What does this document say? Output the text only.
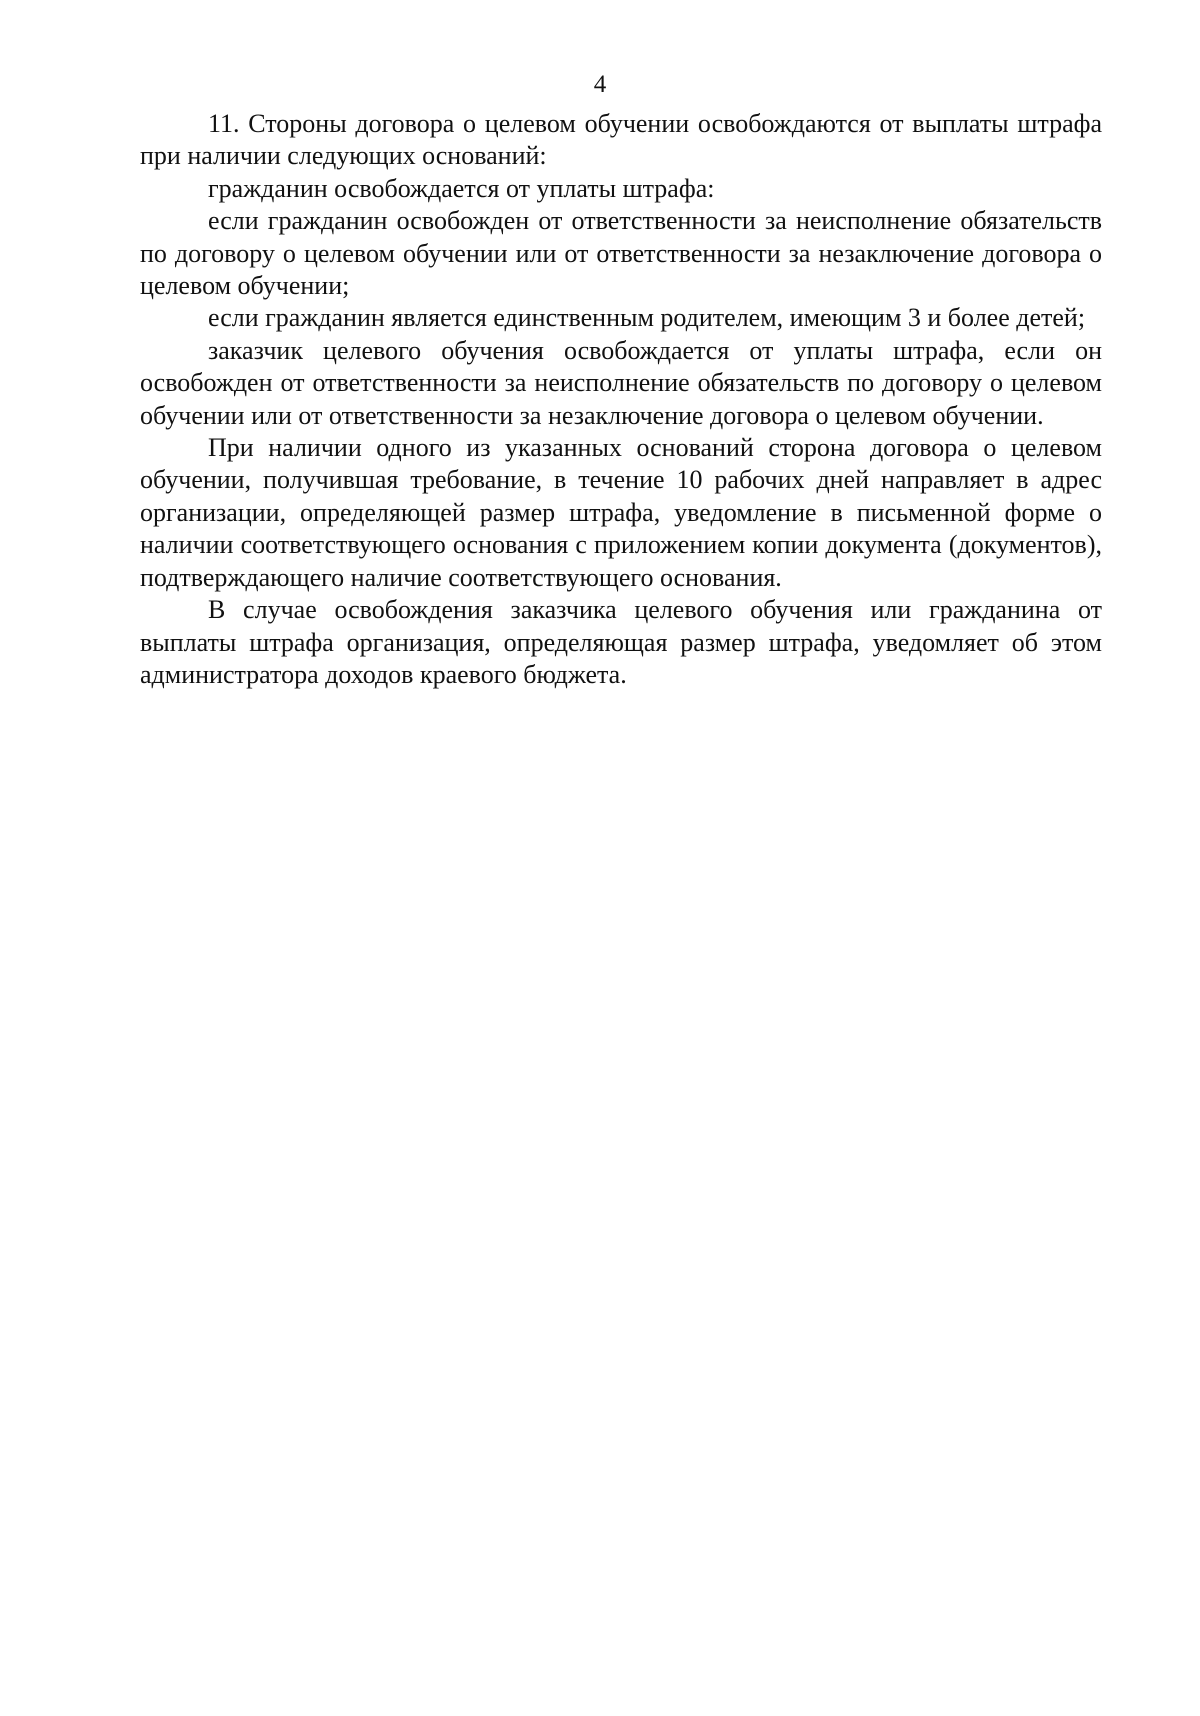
4

11. Стороны договора о целевом обучении освобождаются от выплаты штрафа при наличии следующих оснований:

гражданин освобождается от уплаты штрафа:

если гражданин освобожден от ответственности за неисполнение обязательств по договору о целевом обучении или от ответственности за незаключение договора о целевом обучении;

если гражданин является единственным родителем, имеющим 3 и более детей;

заказчик целевого обучения освобождается от уплаты штрафа, если он освобожден от ответственности за неисполнение обязательств по договору о целевом обучении или от ответственности за незаключение договора о целевом обучении.

При наличии одного из указанных оснований сторона договора о целевом обучении, получившая требование, в течение 10 рабочих дней направляет в адрес организации, определяющей размер штрафа, уведомление в письменной форме о наличии соответствующего основания с приложением копии документа (документов), подтверждающего наличие соответствующего основания.

В случае освобождения заказчика целевого обучения или гражданина от выплаты штрафа организация, определяющая размер штрафа, уведомляет об этом администратора доходов краевого бюджета.
